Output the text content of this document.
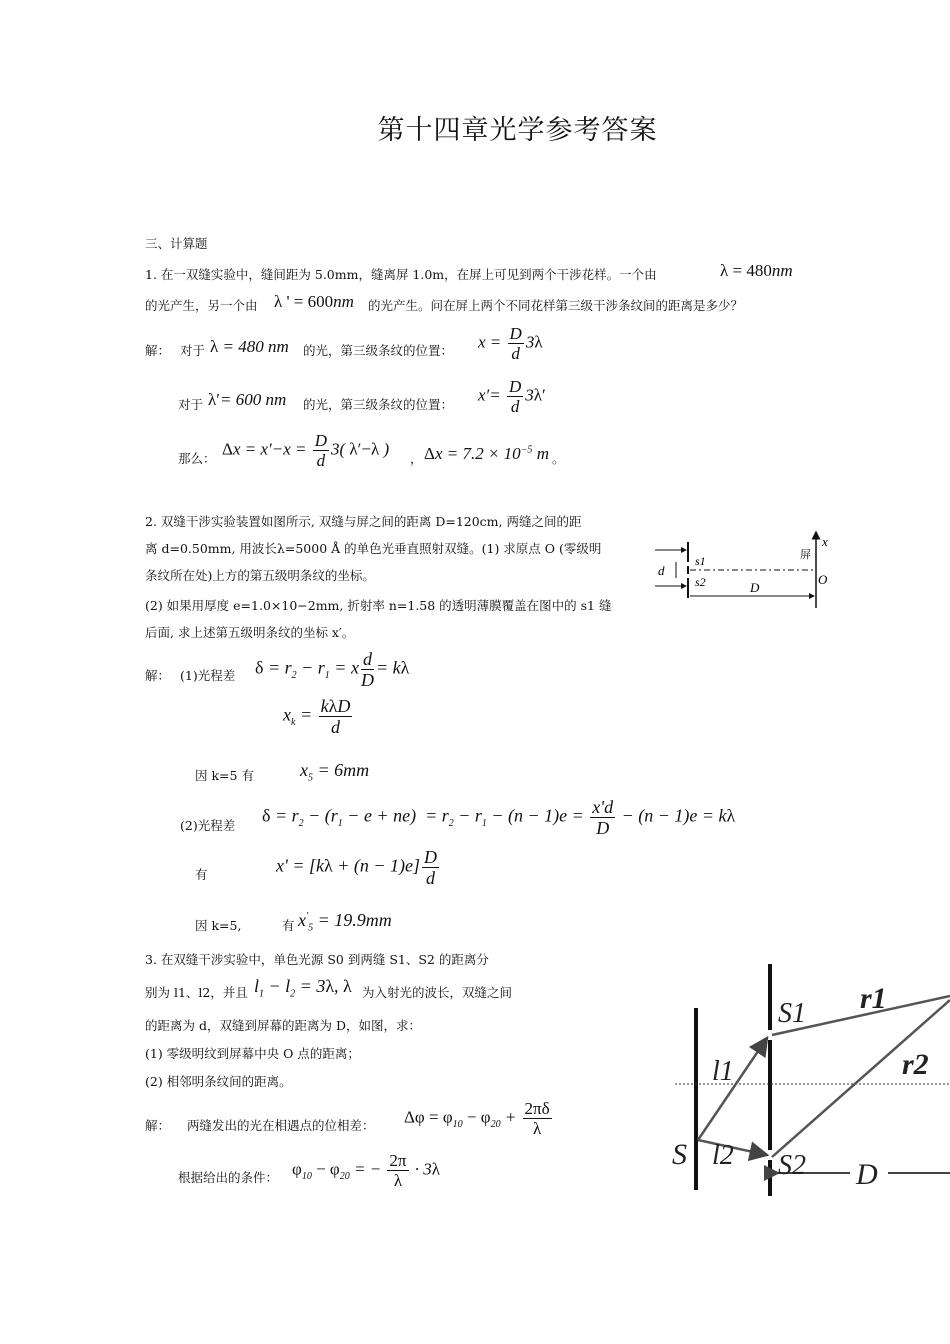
第十四章光学参考答案
三、计算题
1. 在一双缝实验中，缝间距为 5.0mm，缝离屏 1.0m，在屏上可见到两个干涉花样。一个由	λ = 480nm
的光产生，另一个由 λ ' = 600nm 的光产生。问在屏上两个不同花样第三级干涉条纹间的距离是多少？
解： 对于 λ = 480 nm 的光，第三级条纹的位置： $x = \frac{D}{d} 3\lambda$
对于 λ′= 600 nm 的光，第三级条纹的位置：
$x'= \frac{D}{d} 3\lambda'$
那么：
$\Delta x = x'-x = \frac{D}{d} 3$( λ′−λ )
， $\Delta x = 7.2 \times 10^{-5}$ m 。
2. 双缝干涉实验装置如图所示, 双缝与屏之间的距离 D=120cm, 两缝之间的距
离 d=0.50mm, 用波长λ=5000 Å 的单色光垂直照射双缝。(1) 求原点 O (零级明
条纹所在处)上方的第五级明条纹的坐标。
(2) 如果用厚度 e=1.0×10−2mm, 折射率 n=1.58 的透明薄膜覆盖在图中的 s1 缝
后面, 求上述第五级明条纹的坐标 x′。
x
屏
s1
s2
d
D
O
解： (1)光程差 $\delta = r_2 - r_1 = x \frac{d}{D} = k\lambda$
$x_k = \frac{\text{kλD}}{d}$
因 k=5 有	$x_5 = 6mm$
(2)光程差 $\delta = r_2 - (r_1 - e + ne) = r_2 - r_1 - (n - 1)e = \frac{x'd}{D} - (n - 1)e = k\lambda$
有	$x' = [k\lambda + (n - 1)e] \frac{D}{d}$
因 k=5,	有 $x'_5 = 19.9mm$
3. 在双缝干涉实验中，单色光源 S0 到两缝 S1、S2 的距离分
别为 l1、l2，并且 $l_1 - l_2 = 3\lambda$, λ 为入射光的波长，双缝之间
的距离为 d，双缝到屏幕的距离为 D，如图，求：
(1) 零级明纹到屏幕中央 O 点的距离；
(2) 相邻明条纹间的距离。
解： 两缝发出的光在相遇点的位相差： $\Delta\varphi = \varphi_{10} - \varphi_{20} + \frac{2\pi\delta}{\lambda}$
根据给出的条件： $\varphi_{10} - \varphi_{20}$ = − $\frac{2\pi}{\lambda} \cdot 3\lambda$	S
S1
S2
l1
l2
r1
r2
D
